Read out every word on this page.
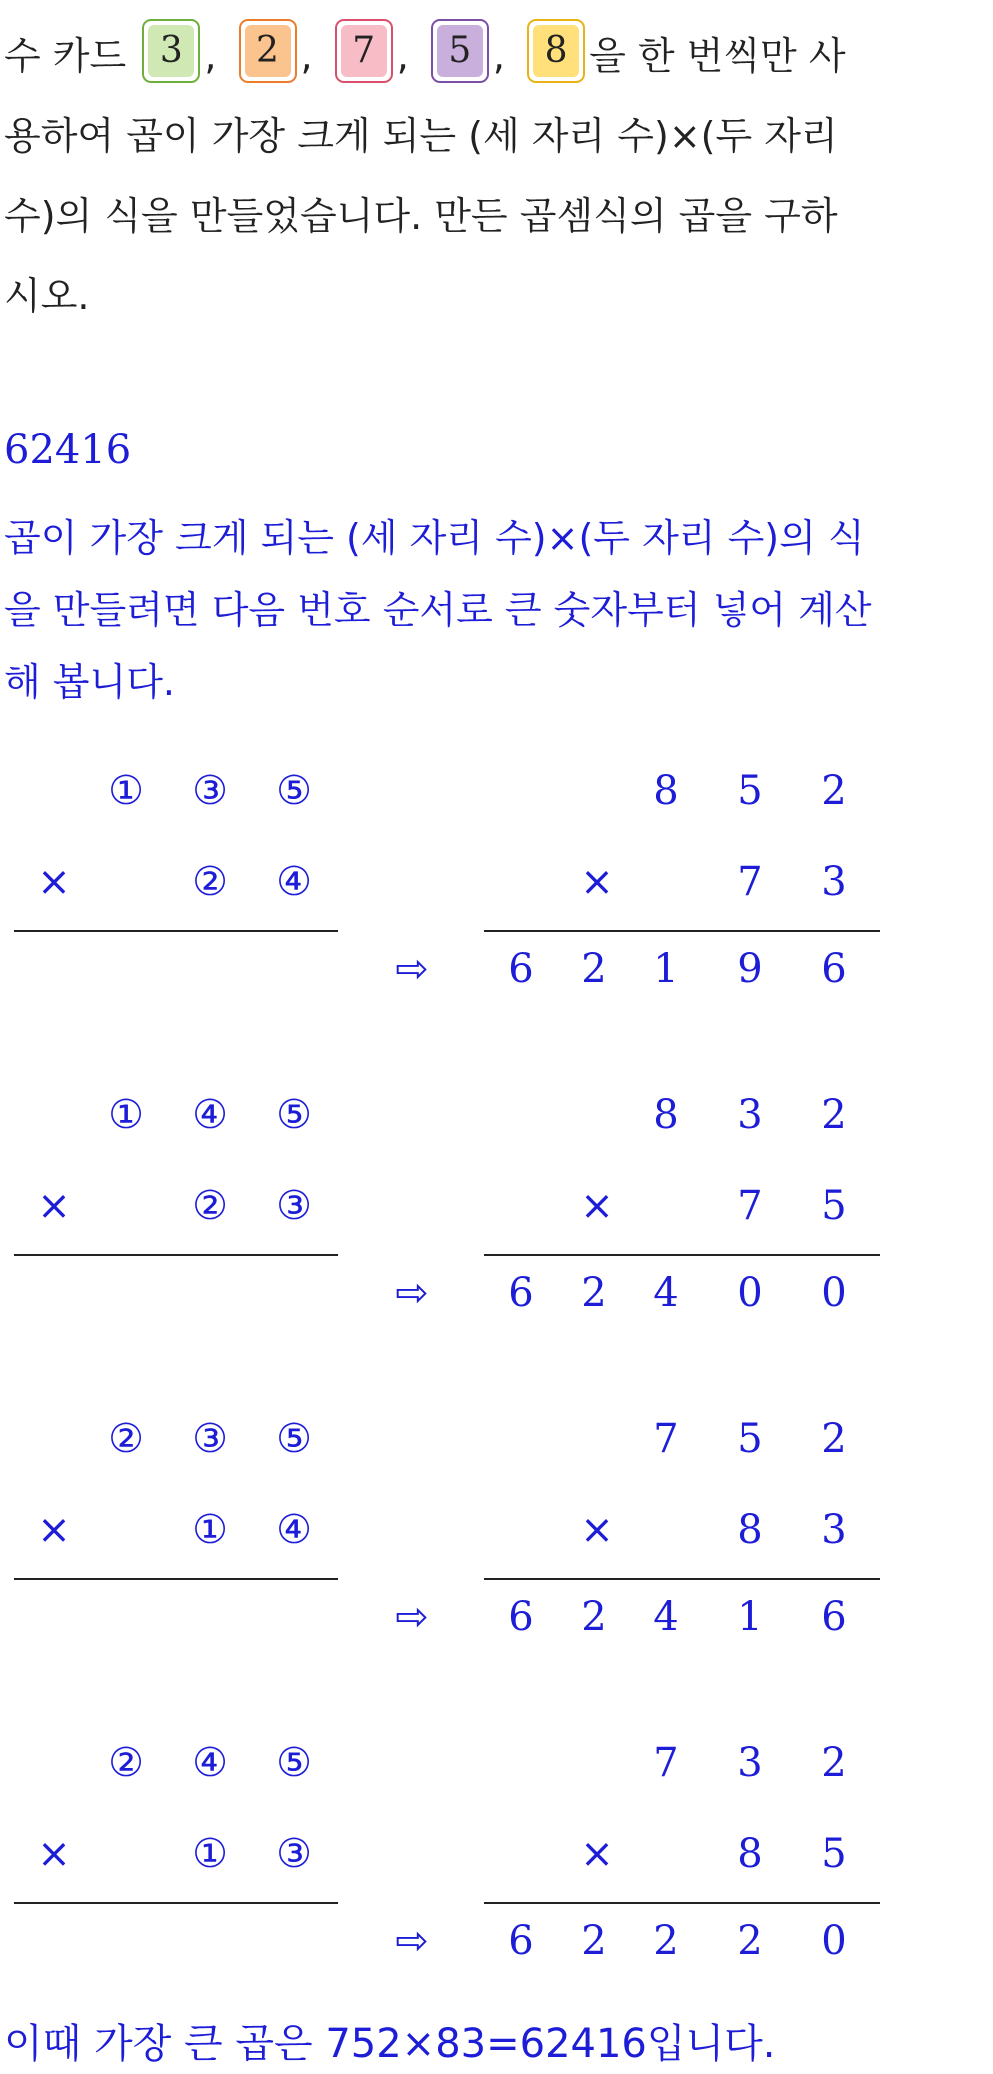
수 카드 3 ,	2 ,	7 ,	5 ,	8 을 한 번씩만 사
용하여 곱이 가장 크게 되는 (세 자리 수)×(두 자리
수)의 식을 만들었습니다. 만든 곱셈식의 곱을 구하
시오.
62416
곱이 가장 크게 되는 (세 자리 수)×(두 자리 수)의 식
을 만들려면 다음 번호 순서로 큰 숫자부터 넣어 계산
해 봅니다.
①	③	⑤
×	②	④
8	5	2
×	7	3
⇨	6	2	1	9	6
①	④	⑤
×	②	③
8	3	2
×	7	5
⇨	6	2	4	0	0
②	③	⑤
×	①	④
7	5	2
×	8	3
⇨	6	2	4	1	6
②	④	⑤
×	①	③
7	3	2
×	8	5
⇨	6	2	2	2	0
이때 가장 큰 곱은 752×83=62416입니다.
